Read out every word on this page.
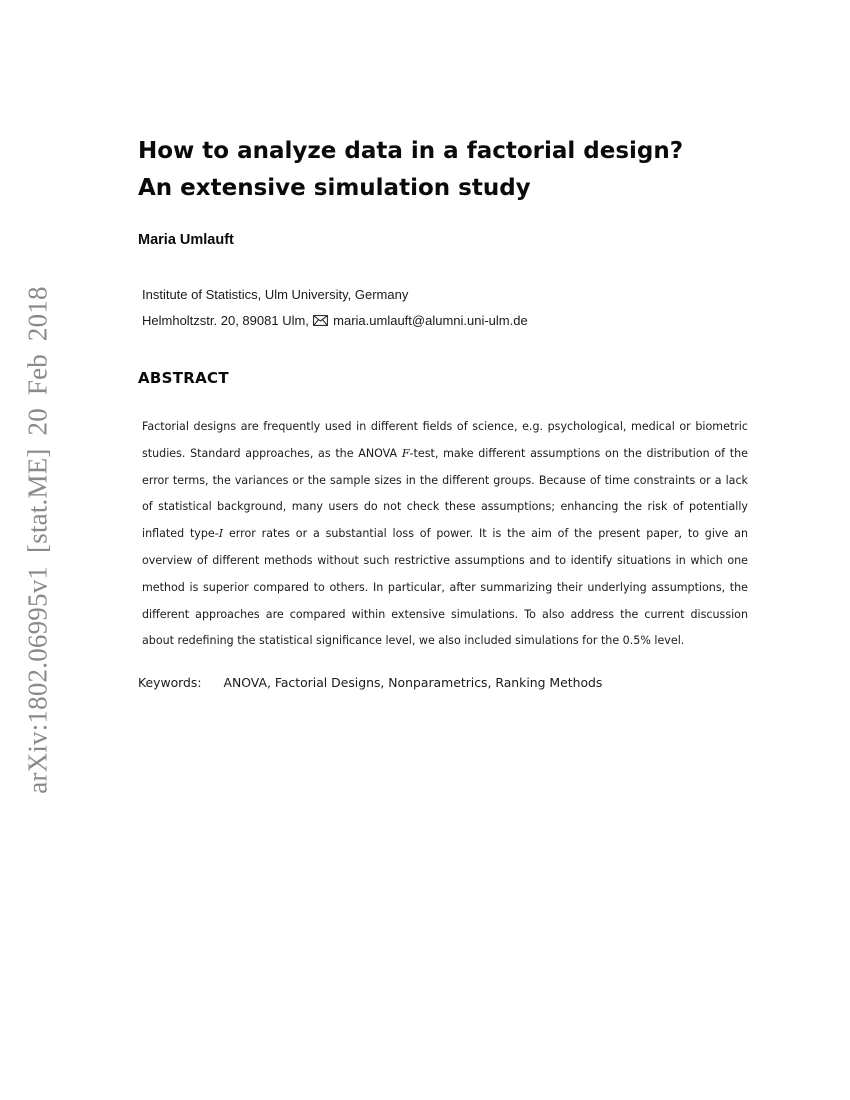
arXiv:1802.06995v1 [stat.ME] 20 Feb 2018
How to analyze data in a factorial design?
An extensive simulation study
Maria Umlauft
Institute of Statistics, Ulm University, Germany
Helmholtzstr. 20, 89081 Ulm, maria.umlauft@alumni.uni-ulm.de
ABSTRACT

Factorial designs are frequently used in different fields of science, e.g. psychological, medical or biometric studies. Standard approaches, as the ANOVA F-test, make different assumptions on the distribution of the error terms, the variances or the sample sizes in the different groups. Because of time constraints or a lack of statistical background, many users do not check these assumptions; enhancing the risk of potentially inflated type-I error rates or a substantial loss of power. It is the aim of the present paper, to give an overview of different methods without such restrictive assumptions and to identify situations in which one method is superior compared to others. In particular, after summarizing their underlying assumptions, the different approaches are compared within extensive simulations. To also address the current discussion about redefining the statistical significance level, we also included simulations for the 0.5% level.

Keywords: ANOVA, Factorial Designs, Nonparametrics, Ranking Methods
